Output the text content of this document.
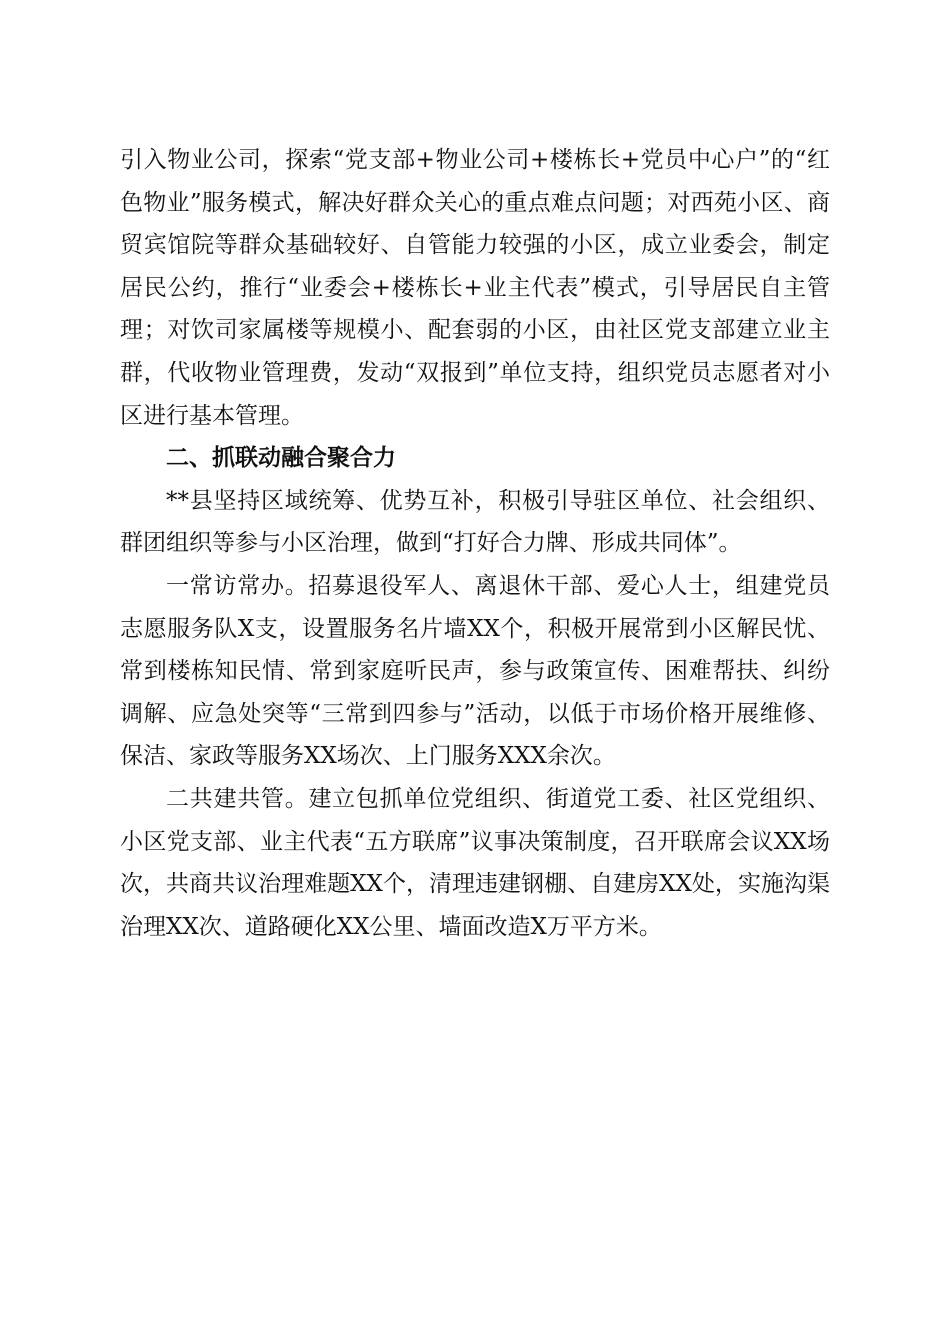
引入物业公司，探索“党支部+物业公司+楼栋长+党员中心户”的“红色物业”服务模式，解决好群众关心的重点难点问题；对西苑小区、商贸宾馆院等群众基础较好、自管能力较强的小区，成立业委会，制定居民公约，推行“业委会+楼栋长+业主代表”模式，引导居民自主管理；对饮司家属楼等规模小、配套弱的小区，由社区党支部建立业主群，代收物业管理费，发动“双报到”单位支持，组织党员志愿者对小区进行基本管理。

二、抓联动融合聚合力

**县坚持区域统筹、优势互补，积极引导驻区单位、社会组织、群团组织等参与小区治理，做到“打好合力牌、形成共同体”。

一常访常办。招募退役军人、离退休干部、爱心人士，组建党员志愿服务队X支，设置服务名片墙XX个，积极开展常到小区解民忧、常到楼栋知民情、常到家庭听民声，参与政策宣传、困难帮扶、纠纷调解、应急处突等“三常到四参与”活动，以低于市场价格开展维修、保洁、家政等服务XX场次、上门服务XXX余次。

二共建共管。建立包抓单位党组织、街道党工委、社区党组织、小区党支部、业主代表“五方联席”议事决策制度，召开联席会议XX场次，共商共议治理难题XX个，清理违建钢棚、自建房XX处，实施沟渠治理XX次、道路硬化XX公里、墙面改造X万平方米。
